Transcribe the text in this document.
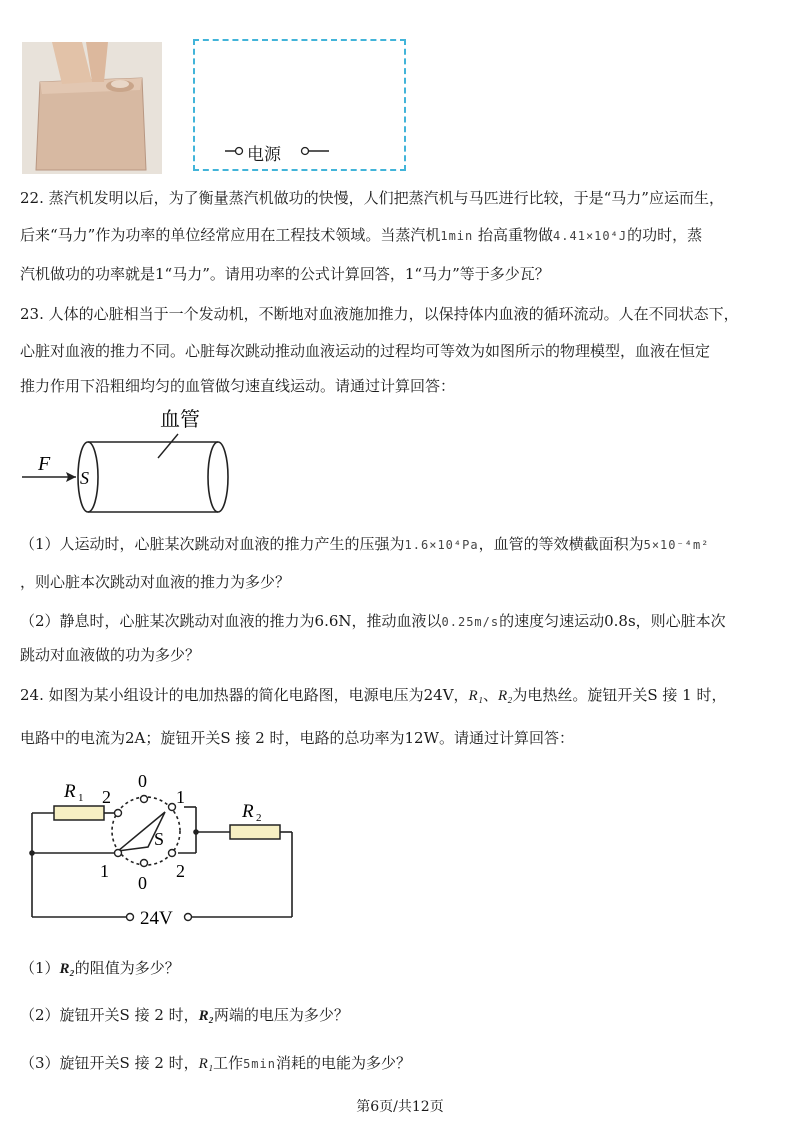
电源
22. 蒸汽机发明以后，为了衡量蒸汽机做功的快慢，人们把蒸汽机与马匹进行比较，于是“马力”应运而生，
后来“马力”作为功率的单位经常应用在工程技术领域。当蒸汽机1min 抬高重物做4.41×10⁴J的功时，蒸
汽机做功的功率就是1“马力”。请用功率的公式计算回答，1“马力”等于多少瓦？
23. 人体的心脏相当于一个发动机，不断地对血液施加推力，以保持体内血液的循环流动。人在不同状态下，
心脏对血液的推力不同。心脏每次跳动推动血液运动的过程均可等效为如图所示的物理模型，血液在恒定
推力作用下沿粗细均匀的血管做匀速直线运动。请通过计算回答：
血管
F
S
（1）人运动时，心脏某次跳动对血液的推力产生的压强为1.6×10⁴Pa，血管的等效横截面积为5×10⁻⁴m²
，则心脏本次跳动对血液的推力为多少？
（2）静息时，心脏某次跳动对血液的推力为6.6N，推动血液以0.25m/s的速度匀速运动0.8s，则心脏本次
跳动对血液做的功为多少？
24. 如图为某小组设计的电加热器的简化电路图，电源电压为24V，R₁、R₂为电热丝。旋钮开关S 接 1 时，
电路中的电流为2A；旋钮开关S 接 2 时，电路的总功率为12W。请通过计算回答：
R 1
R 2
S
0
2	1
1
0
2
24V
（1）R₂的阻值为多少？
（2）旋钮开关S 接 2 时，R₂两端的电压为多少？
（3）旋钮开关S 接 2 时，R₁工作5min消耗的电能为多少？
第6页/共12页
